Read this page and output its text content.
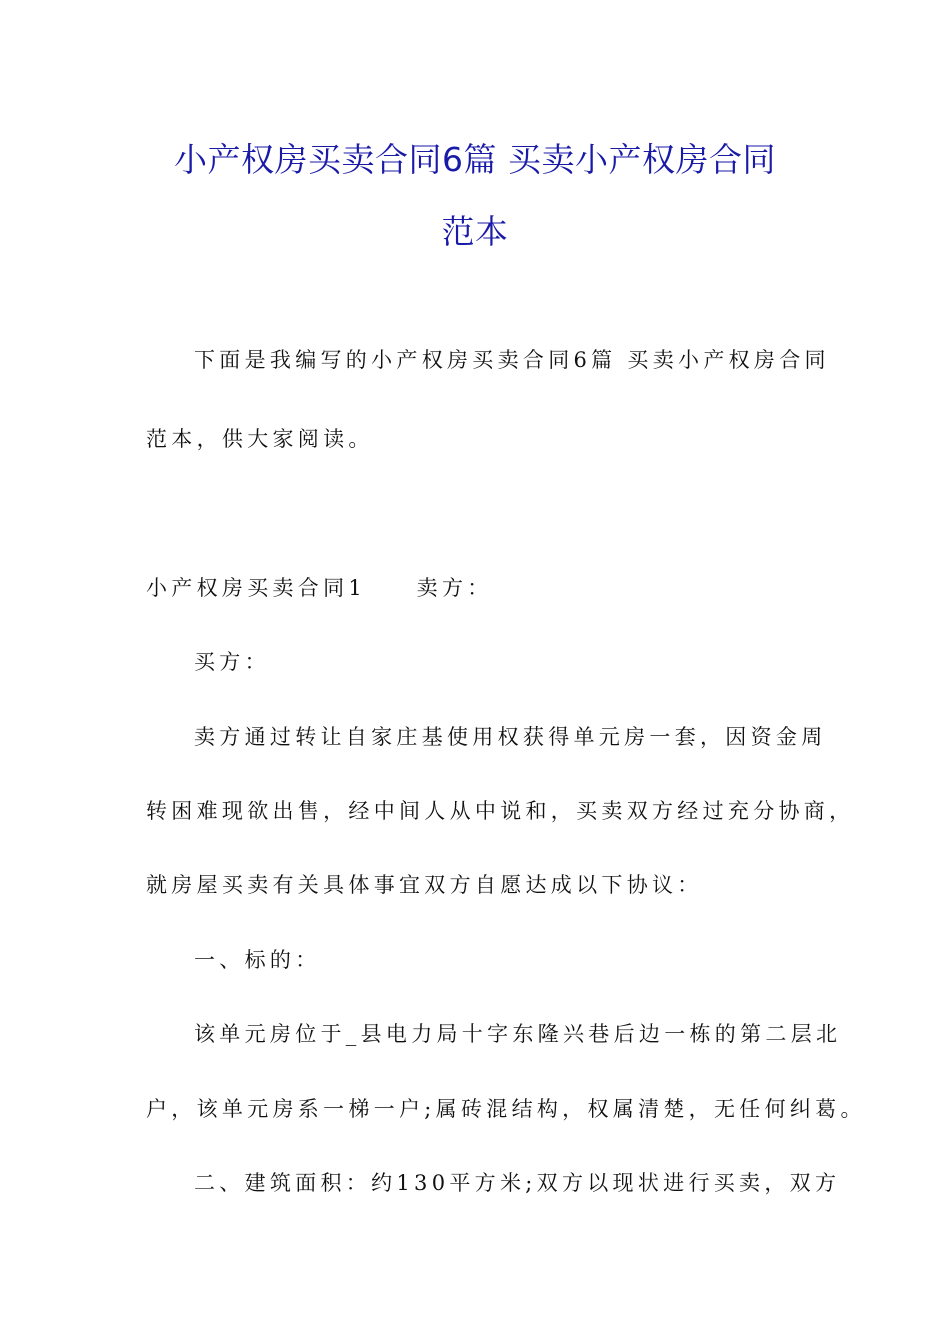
小产权房买卖合同6篇 买卖小产权房合同
范本
下面是我编写的小产权房买卖合同6篇 买卖小产权房合同
范本，供大家阅读。
小产权房买卖合同1　　卖方：
买方：
卖方通过转让自家庄基使用权获得单元房一套，因资金周
转困难现欲出售，经中间人从中说和，买卖双方经过充分协商，
就房屋买卖有关具体事宜双方自愿达成以下协议：
一、标的：
该单元房位于_县电力局十字东隆兴巷后边一栋的第二层北
户，该单元房系一梯一户;属砖混结构，权属清楚，无任何纠葛。
二、建筑面积：约130平方米;双方以现状进行买卖，双方
